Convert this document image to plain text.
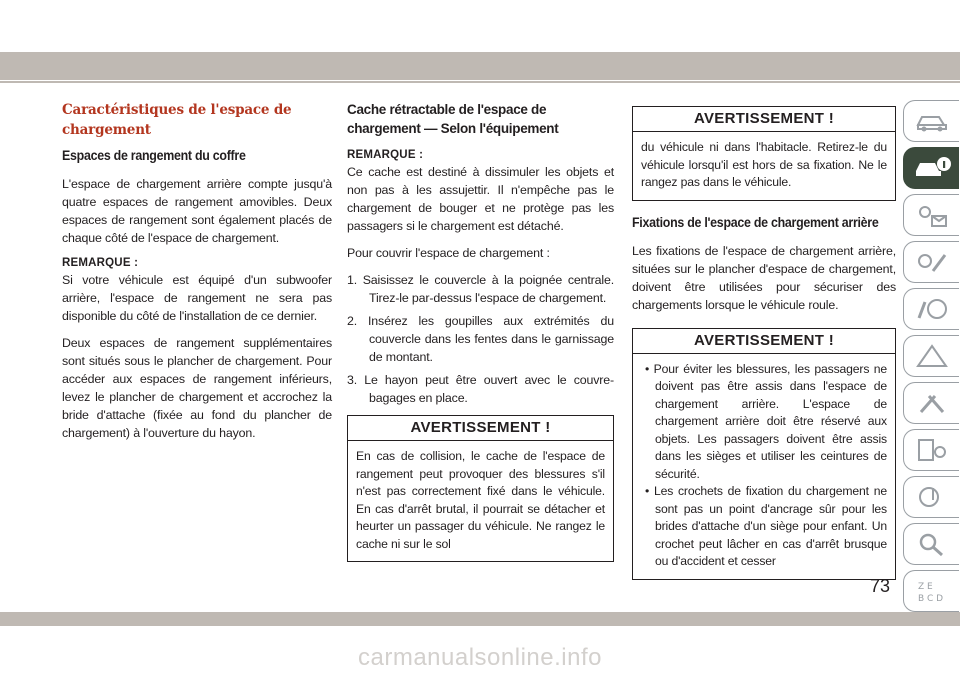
Caractéristiques de l'espace de chargement
Espaces de rangement du coffre

L'espace de chargement arrière compte jusqu'à quatre espaces de rangement amovibles. Deux espaces de rangement sont également placés de chaque côté de l'espace de chargement.

REMARQUE :

Si votre véhicule est équipé d'un subwoofer arrière, l'espace de rangement ne sera pas disponible du côté de l'installation de ce dernier.

Deux espaces de rangement supplémentaires sont situés sous le plancher de chargement. Pour accéder aux espaces de rangement inférieurs, levez le plancher de chargement et accrochez la bride d'attache (fixée au fond du plancher de chargement) à l'ouverture du hayon.

Cache rétractable de l'espace de chargement — Selon l'équipement
REMARQUE :

Ce cache est destiné à dissimuler les objets et non pas à les assujettir. Il n'empêche pas le chargement de bouger et ne protège pas les passagers si le chargement est détaché.

Pour couvrir l'espace de chargement :

1. Saisissez le couvercle à la poignée centrale. Tirez-le par-dessus l'espace de chargement.
2. Insérez les goupilles aux extrémités du couvercle dans les fentes dans le garnissage de montant.
3. Le hayon peut être ouvert avec le couvre-bagages en place.
AVERTISSEMENT !
En cas de collision, le cache de l'espace de rangement peut provoquer des blessures s'il n'est pas correctement fixé dans le véhicule. En cas d'arrêt brutal, il pourrait se détacher et heurter un passager du véhicule. Ne rangez le cache ni sur le sol
AVERTISSEMENT !
du véhicule ni dans l'habitacle. Retirez-le du véhicule lorsqu'il est hors de sa fixation. Ne le rangez pas dans le véhicule.
Fixations de l'espace de chargement arrière

Les fixations de l'espace de chargement arrière, situées sur le plancher d'espace de chargement, doivent être utilisées pour sécuriser des chargements lorsque le véhicule roule.

AVERTISSEMENT !
• Pour éviter les blessures, les passagers ne doivent pas être assis dans l'espace de chargement arrière. L'espace de chargement arrière doit être réservé aux objets. Les passagers doivent être assis dans les sièges et utiliser les ceintures de sécurité.
• Les crochets de fixation du chargement ne sont pas un point d'ancrage sûr pour les brides d'attache d'un siège pour enfant. Un crochet peut lâcher en cas d'arrêt brusque ou d'accident et cesser
Z E
B C D
73
carmanualsonline.info
